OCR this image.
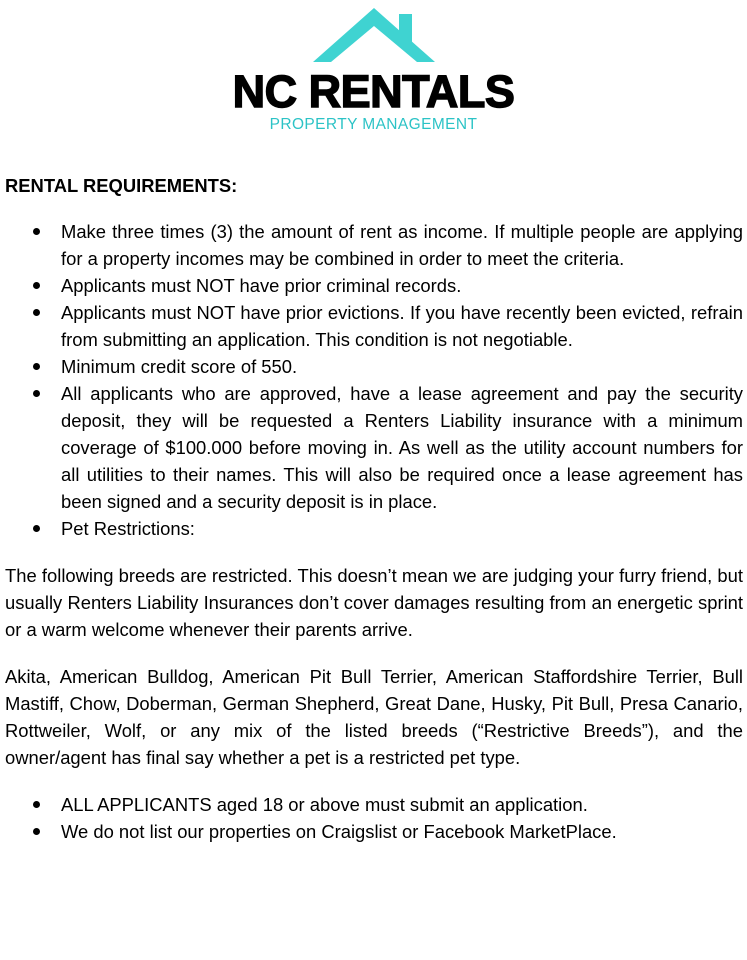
NC RENTALS
PROPERTY MANAGEMENT
RENTAL REQUIREMENTS:
Make three times (3) the amount of rent as income. If multiple people are applying for a property incomes may be combined in order to meet the criteria.
Applicants must NOT have prior criminal records.
Applicants must NOT have prior evictions. If you have recently been evicted, refrain from submitting an application. This condition is not negotiable.
Minimum credit score of 550.
All applicants who are approved, have a lease agreement and pay the security deposit, they will be requested a Renters Liability insurance with a minimum coverage of $100.000 before moving in. As well as the utility account numbers for all utilities to their names. This will also be required once a lease agreement has been signed and a security deposit is in place.
Pet Restrictions:

The following breeds are restricted. This doesn’t mean we are judging your furry friend, but usually Renters Liability Insurances don’t cover damages resulting from an energetic sprint or a warm welcome whenever their parents arrive.

Akita, American Bulldog, American Pit Bull Terrier, American Staffordshire Terrier, Bull Mastiff, Chow, Doberman, German Shepherd, Great Dane, Husky, Pit Bull, Presa Canario, Rottweiler, Wolf, or any mix of the listed breeds (“Restrictive Breeds”), and the owner/agent has final say whether a pet is a restricted pet type.

ALL APPLICANTS aged 18 or above must submit an application.
We do not list our properties on Craigslist or Facebook MarketPlace.
